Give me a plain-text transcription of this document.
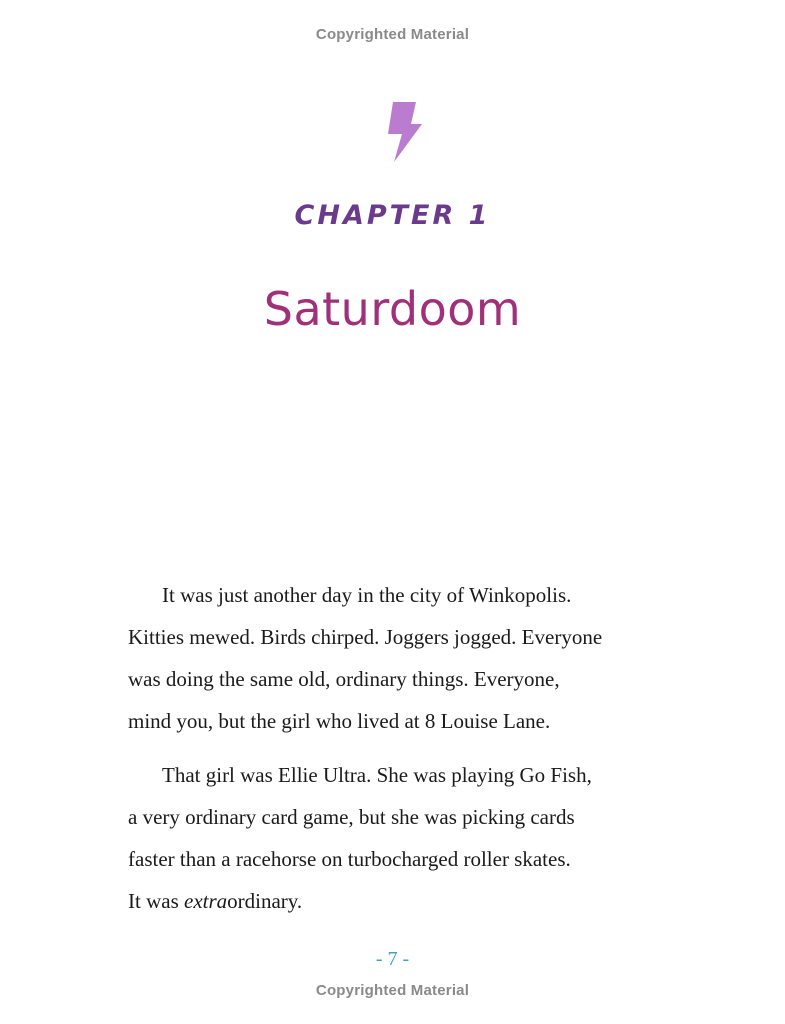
Copyrighted Material
CHAPTER 1
Saturdoom

It was just another day in the city of Winkopolis.
Kitties mewed. Birds chirped. Joggers jogged. Everyone
was doing the same old, ordinary things. Everyone,
mind you, but the girl who lived at 8 Louise Lane.

That girl was Ellie Ultra. She was playing Go Fish,
a very ordinary card game, but she was picking cards
faster than a racehorse on turbocharged roller skates.
It was extraordinary.

- 7 -
Copyrighted Material
